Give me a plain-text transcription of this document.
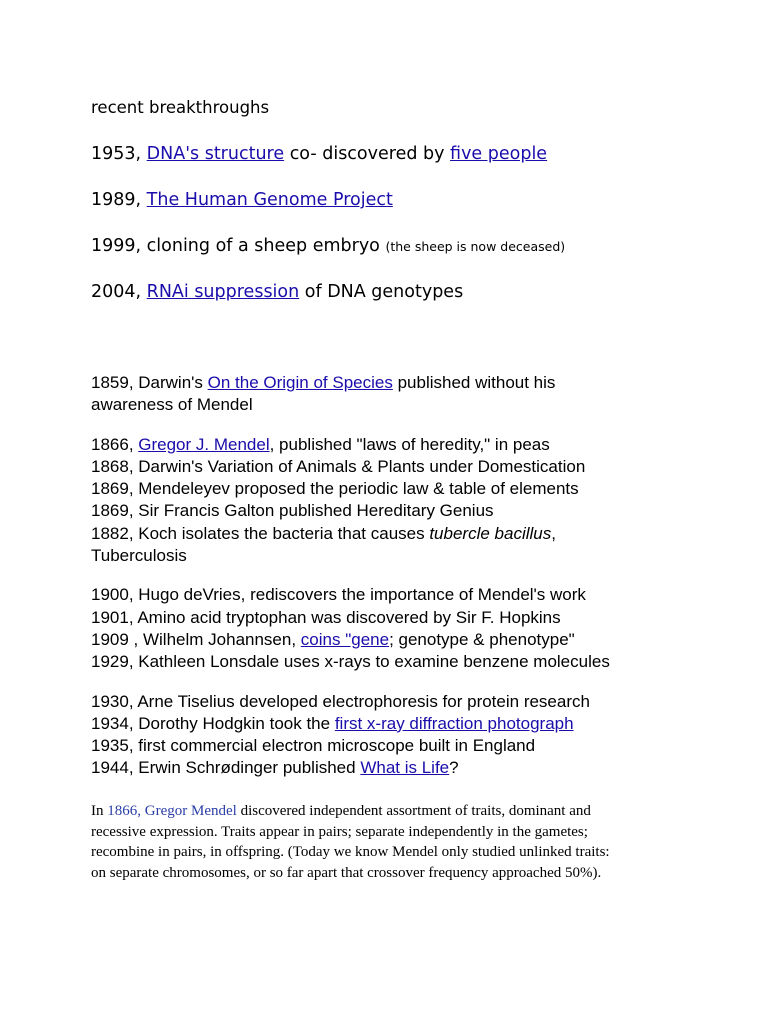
recent breakthroughs
1953, DNA's structure co- discovered by five people
1989, The Human Genome Project
1999, cloning of a sheep embryo (the sheep is now deceased)
2004, RNAi suppression of DNA genotypes
1859, Darwin's On the Origin of Species published without his
awareness of Mendel
1866, Gregor J. Mendel, published "laws of heredity," in peas
1868, Darwin's Variation of Animals & Plants under Domestication
1869, Mendeleyev proposed the periodic law & table of elements
1869, Sir Francis Galton published Hereditary Genius
1882, Koch isolates the bacteria that causes tubercle bacillus,
Tuberculosis
1900, Hugo deVries, rediscovers the importance of Mendel's work
1901, Amino acid tryptophan was discovered by Sir F. Hopkins
1909 , Wilhelm Johannsen, coins "gene; genotype & phenotype"
1929, Kathleen Lonsdale uses x-rays to examine benzene molecules
1930, Arne Tiselius developed electrophoresis for protein research
1934, Dorothy Hodgkin took the first x-ray diffraction photograph
1935, first commercial electron microscope built in England
1944, Erwin Schrødinger published What is Life?
In 1866, Gregor Mendel discovered independent assortment of traits, dominant and
recessive expression. Traits appear in pairs; separate independently in the gametes;
recombine in pairs, in offspring. (Today we know Mendel only studied unlinked traits:
on separate chromosomes, or so far apart that crossover frequency approached 50%).
